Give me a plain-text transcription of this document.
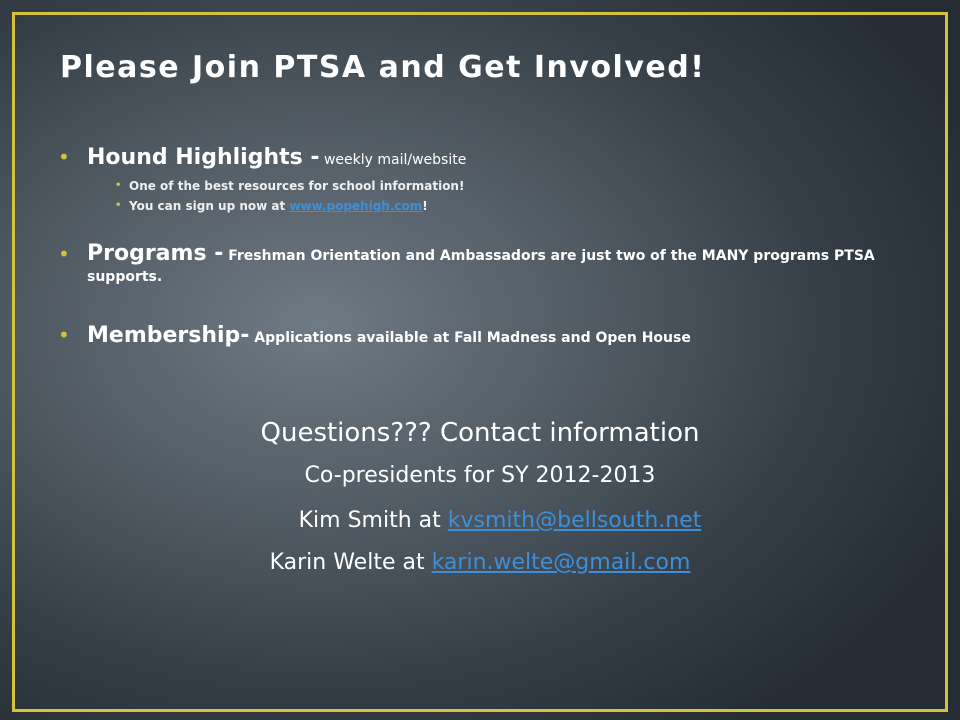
Please Join PTSA and Get Involved!
• Hound Highlights - weekly mail/website
• One of the best resources for school information!
• You can sign up now at www.popehigh.com!
• Programs - Freshman Orientation and Ambassadors are just two of the MANY programs PTSA supports.
• Membership- Applications available at Fall Madness and Open House
Questions??? Contact information
Co-presidents for SY 2012-2013
Kim Smith at kvsmith@bellsouth.net
Karin Welte at karin.welte@gmail.com
